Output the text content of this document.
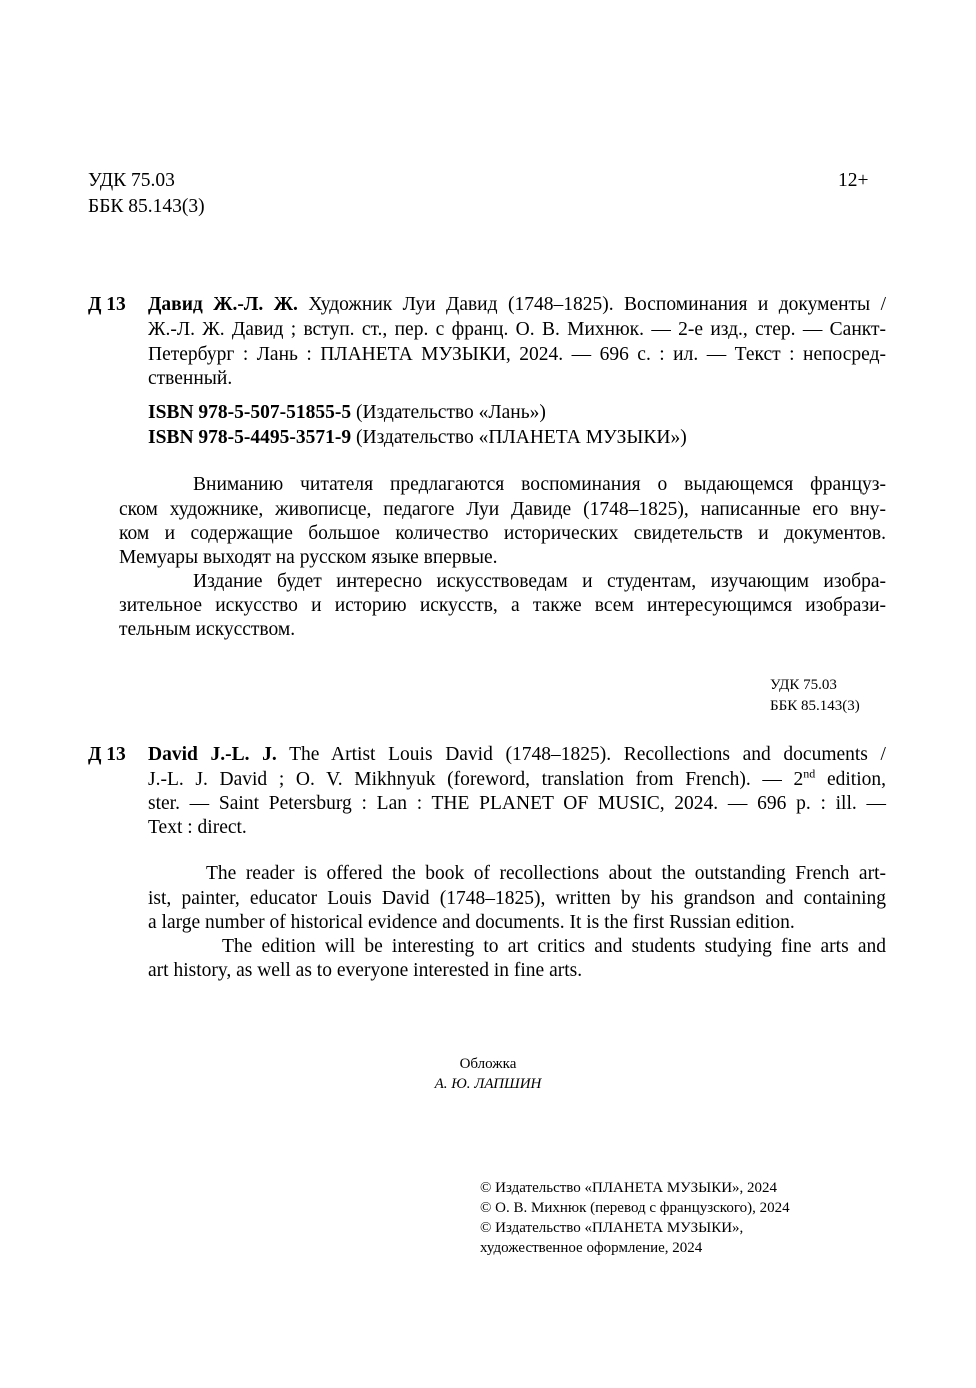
УДК 75.03
ББК 85.143(3)
12+
Д 13 Давид Ж.-Л. Ж. Художник Луи Давид (1748–1825). Воспоминания и документы /
Ж.-Л. Ж. Давид ; вступ. ст., пер. с франц. О. В. Михнюк. — 2-е изд., стер. — Санкт-
Петербург : Лань : ПЛАНЕТА МУЗЫКИ, 2024. — 696 с. : ил. — Текст : непосред-
ственный.
ISBN 978-5-507-51855-5 (Издательство «Лань»)
ISBN 978-5-4495-3571-9 (Издательство «ПЛАНЕТА МУЗЫКИ»)
Вниманию читателя предлагаются воспоминания о выдающемся француз-
ском художнике, живописце, педагоге Луи Давиде (1748–1825), написанные его вну-
ком и содержащие большое количество исторических свидетельств и документов.
Мемуары выходят на русском языке впервые.
Издание будет интересно искусствоведам и студентам, изучающим изобра-
зительное искусство и историю искусств, а также всем интересующимся изобрази-
тельным искусством.
УДК 75.03
ББК 85.143(3)
Д 13 David J.-L. J. The Artist Louis David (1748–1825). Recollections and documents /
J.-L. J. David ; O. V. Mikhnyuk (foreword, translation from French). — 2nd edition,
ster. — Saint Petersburg : Lan : THE PLANET OF MUSIC, 2024. — 696 p. : ill. —
Text : direct.
The reader is offered the book of recollections about the outstanding French art-
ist, painter, educator Louis David (1748–1825), written by his grandson and containing
a large number of historical evidence and documents. It is the first Russian edition.
The edition will be interesting to art critics and students studying fine arts and
art history, as well as to everyone interested in fine arts.
Обложка
А. Ю. ЛАПШИН
© Издательство «ПЛАНЕТА МУЗЫКИ», 2024
© О. В. Михнюк (перевод с французского), 2024
© Издательство «ПЛАНЕТА МУЗЫКИ»,
художественное оформление, 2024
